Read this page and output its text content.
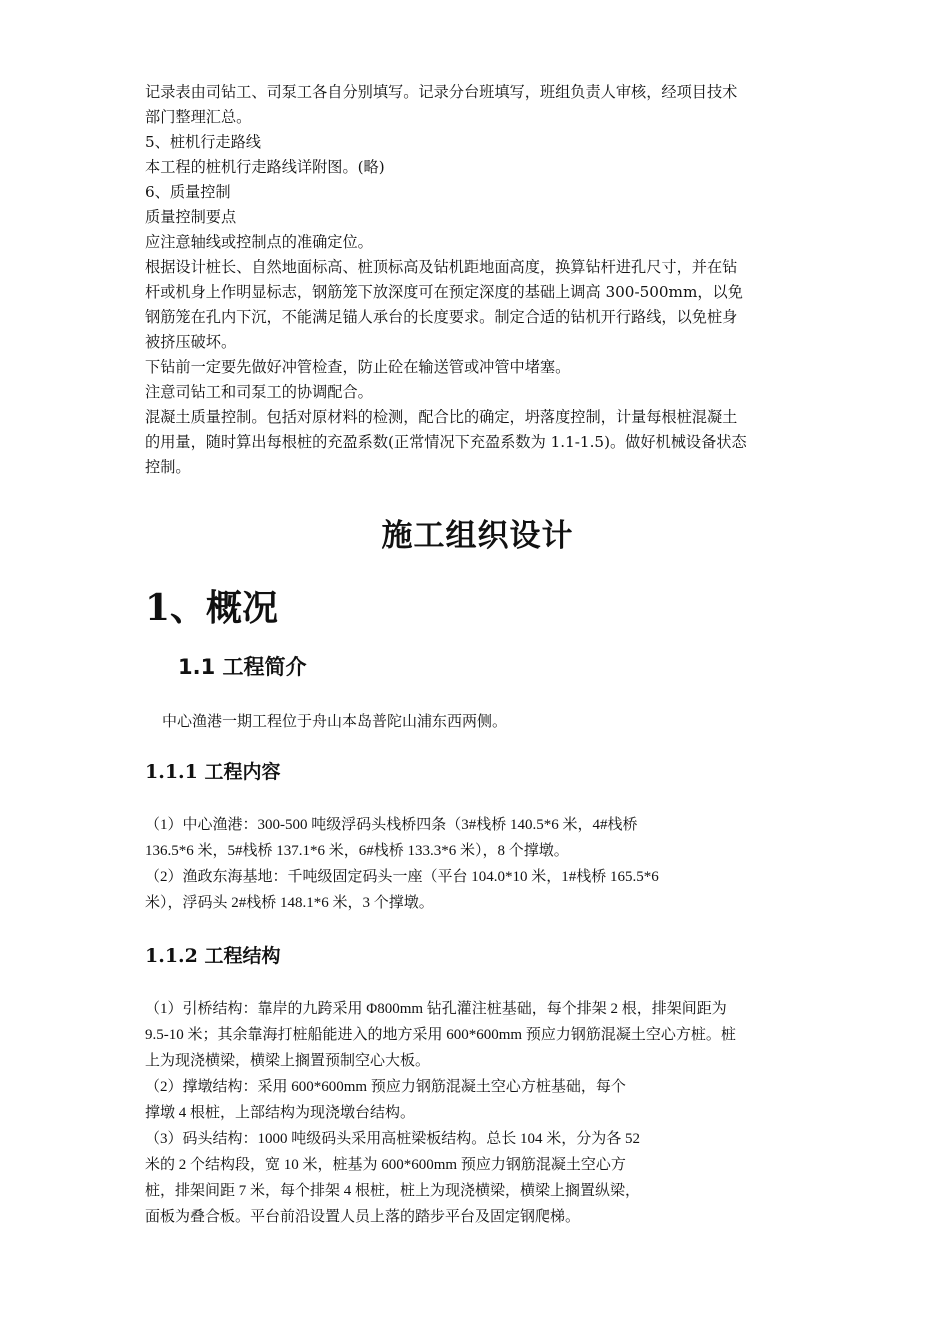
记录表由司钻工、司泵工各自分别填写。记录分台班填写，班组负责人审核，经项目技术
部门整理汇总。
5、桩机行走路线
本工程的桩机行走路线详附图。(略)
6、质量控制
质量控制要点
应注意轴线或控制点的准确定位。
根据设计桩长、自然地面标高、桩顶标高及钻机距地面高度，换算钻杆进孔尺寸，并在钻
杆或机身上作明显标志，钢筋笼下放深度可在预定深度的基础上调高 300-500mm，以免
钢筋笼在孔内下沉，不能满足锚人承台的长度要求。制定合适的钻机开行路线，以免桩身
被挤压破坏。
下钻前一定要先做好冲管检查，防止砼在输送管或冲管中堵塞。
注意司钻工和司泵工的协调配合。
混凝土质量控制。包括对原材料的检测，配合比的确定，坍落度控制，计量每根桩混凝土
的用量，随时算出每根桩的充盈系数(正常情况下充盈系数为 1.1-1.5)。做好机械设备状态
控制。

施工组织设计

1、概况

1.1 工程简介

中心渔港一期工程位于舟山本岛普陀山浦东西两侧。

1.1.1 工程内容

（1）中心渔港：300-500 吨级浮码头栈桥四条（3#栈桥 140.5*6 米，4#栈桥
136.5*6 米，5#栈桥 137.1*6 米，6#栈桥 133.3*6 米），8 个撑墩。
（2）渔政东海基地：千吨级固定码头一座（平台 104.0*10 米，1#栈桥 165.5*6
米），浮码头 2#栈桥 148.1*6 米，3 个撑墩。

1.1.2 工程结构

（1）引桥结构：靠岸的九跨采用 Φ800mm 钻孔灌注桩基础，每个排架 2 根，排架间距为
9.5-10 米；其余靠海打桩船能进入的地方采用 600*600mm 预应力钢筋混凝土空心方桩。桩
上为现浇横梁，横梁上搁置预制空心大板。
（2）撑墩结构：采用 600*600mm 预应力钢筋混凝土空心方桩基础，每个
撑墩 4 根桩，上部结构为现浇墩台结构。
（3）码头结构：1000 吨级码头采用高桩梁板结构。总长 104 米，分为各 52
米的 2 个结构段，宽 10 米，桩基为 600*600mm 预应力钢筋混凝土空心方
桩，排架间距 7 米，每个排架 4 根桩，桩上为现浇横梁，横梁上搁置纵梁，
面板为叠合板。平台前沿设置人员上落的踏步平台及固定钢爬梯。
